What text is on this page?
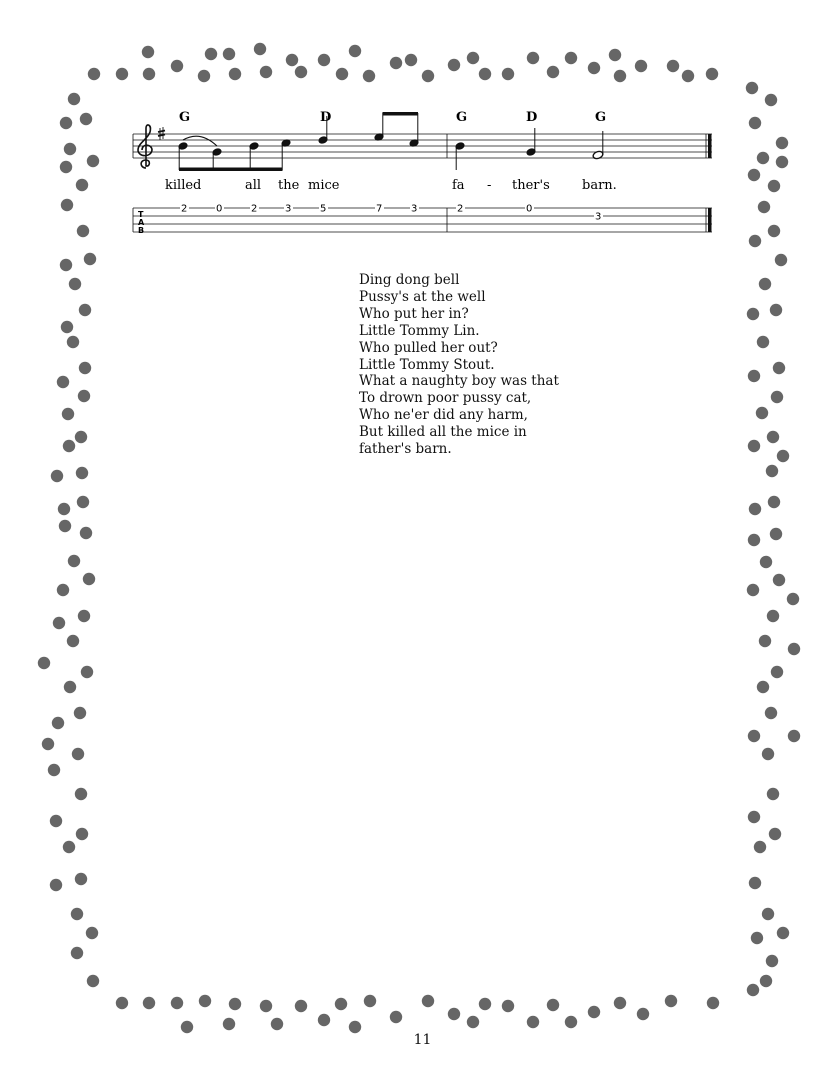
G	D	G	D	G
killed	all the mice	fa - ther's barn.
T
A
B
2	0	2	3	5	7	3	2	0
3
Ding dong bell
Pussy's at the well
Who put her in?
Little Tommy Lin.
Who pulled her out?
Little Tommy Stout.
What a naughty boy was that
To drown poor pussy cat,
Who ne'er did any harm,
But killed all the mice in
father's barn.
11
